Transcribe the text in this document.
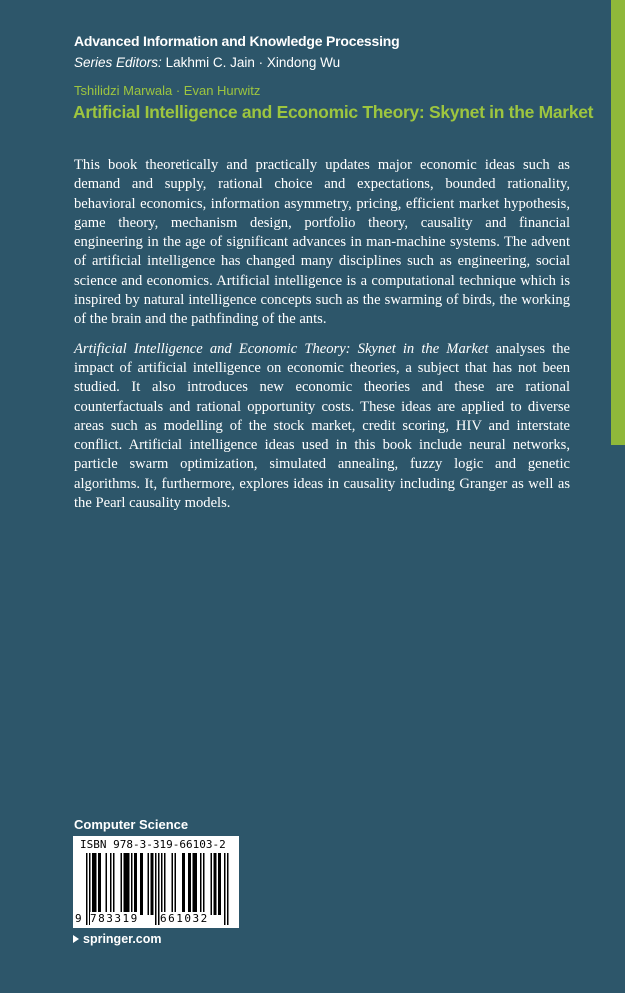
Advanced Information and Knowledge Processing
Series Editors: Lakhmi C. Jain · Xindong Wu
Tshilidzi Marwala · Evan Hurwitz
Artificial Intelligence and Economic Theory: Skynet in the Market

This book theoretically and practically updates major economic ideas such as demand and supply, rational choice and expectations, bounded rationality, behavioral economics, information asymmetry, pricing, efficient market hypothesis, game theory, mechanism design, portfolio theory, causality and financial engineering in the age of significant advances in man-machine systems. The advent of artificial intelligence has changed many disciplines such as engineering, social science and economics. Artificial intelligence is a computational technique which is inspired by natural intelligence concepts such as the swarming of birds, the working of the brain and the pathfinding of the ants.

Artificial Intelligence and Economic Theory: Skynet in the Market analyses the impact of artificial intelligence on economic theories, a subject that has not been studied. It also introduces new economic theories and these are rational counterfactuals and rational opportunity costs. These ideas are applied to diverse areas such as modelling of the stock market, credit scoring, HIV and interstate conflict. Artificial intelligence ideas used in this book include neural networks, particle swarm optimization, simulated annealing, fuzzy logic and genetic algorithms. It, furthermore, explores ideas in causality including Granger as well as the Pearl causality models.

Computer Science
ISBN 978-3-319-66103-2
9 783319 661032
springer.com
